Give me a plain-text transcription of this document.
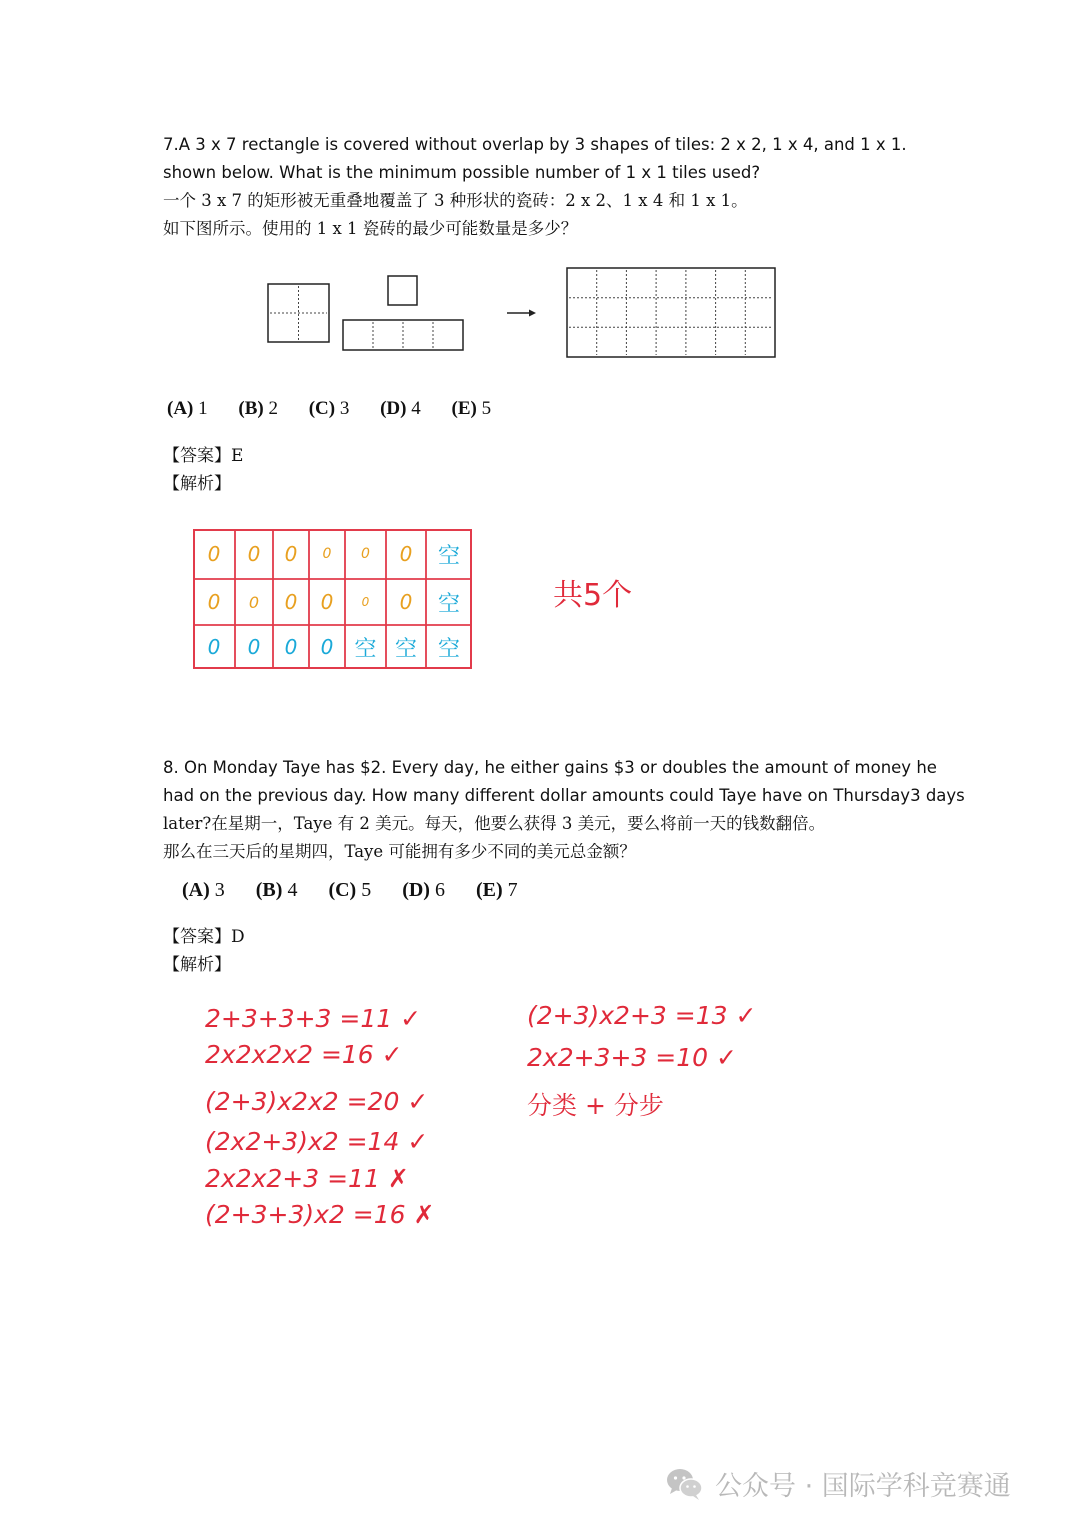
7.A 3 x 7 rectangle is covered without overlap by 3 shapes of tiles: 2 x 2, 1 x 4, and 1 x 1.
shown below. What is the minimum possible number of 1 x 1 tiles used?
一个 3 x 7 的矩形被无重叠地覆盖了 3 种形状的瓷砖：2 x 2、1 x 4 和 1 x 1。
如下图所示。使用的 1 x 1 瓷砖的最少可能数量是多少？
(A) 1 (B) 2 (C) 3 (D) 4 (E) 5
【答案】E
【解析】
0	0	0	0	0	0	空
0	0	0	0	0	0	空
0	0	0	0 空 空 空
共5个
8. On Monday Taye has $2. Every day, he either gains $3 or doubles the amount of money he
had on the previous day. How many different dollar amounts could Taye have on Thursday3 days
later?在星期一，Taye 有 2 美元。每天，他要么获得 3 美元，要么将前一天的钱数翻倍。
那么在三天后的星期四，Taye 可能拥有多少不同的美元总金额？
(A) 3 (B) 4 (C) 5 (D) 6 (E) 7
【答案】D
【解析】
2+3+3+3 =11 ✓
2x2x2x2 =16 ✓
(2+3)x2x2 =20 ✓
(2x2+3)x2 =14 ✓
2x2x2+3 =11 ✗
(2+3+3)x2 =16 ✗
(2+3)x2+3 =13 ✓
2x2+3+3 =10 ✓
分类 + 分步
公众号 · 国际学科竞赛通
